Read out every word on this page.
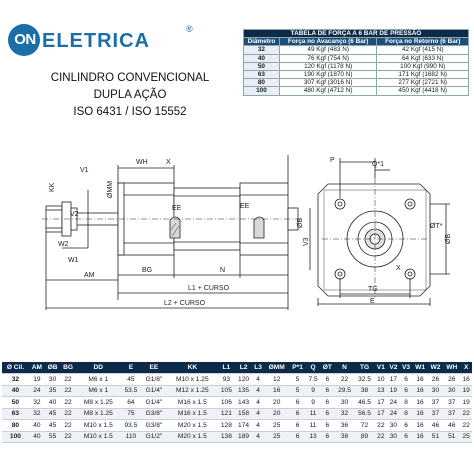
ON ELETRICA
®
CINLINDRO CONVENCIONAL
DUPLA AÇÃO
ISO 6431 / ISO 15552
TABELA DE FORÇA A 6 BAR DE PRESSÃO		
Diâmetro	Força no Avacanço (6 Bar)	Força no Retorno (6 Bar)
32	49 Kgf (483 N)	42 Kgf (415 N)
40	76 Kgf (754 N)	64 Kgf (633 N)
50	120 Kgf (1178 N)	100 Kgf (990 N)
63	190 Kgf (1870 N)	171 Kgf (1682 N)
80	307 Kgf (3016 N)	277 Kgf (2721 N)
100	480 Kgf (4712 N)	450 Kgf (4418 N)
WH	X
KK
V1
ØMM
EE	EE
V2
ØB
W2
W1
AM
BG	N
L1 + CURSO
L2 + CURSO
P
Q*1
V3
ØT*
X
ØB
TG
E
Ø Cil.	AM	ØB	BG	DD	E	EE	KK	L1	L2	L3	ØMM	P*1	Q	ØT	N	TG	V1	V2	V3	W1	W2	WH	X
32	19	30	22	M6 x 1	45	G1/8"	M10 x 1.25	93	120	4	12	5	7.5	6	22	32.5	10	17	6	16	26	26	16
40	24	35	22	M6 x 1	53.5	G1/4"	M12 x 1.25	105	135	4	16	5	9	6	29.5	38	13	19	6	16	30	30	19
50	32	40	22	M8 x 1.25	64	G1/4"	M16 x 1.5	106	143	4	20	6	9	6	30	46.5	17	24	8	16	37	37	19
63	32	45	22	M8 x 1.25	75	G3/8"	M16 x 1.5	121	158	4	20	6	11	6	32	56.5	17	24	8	16	37	37	22
80	40	45	22	M10 x 1.5	93.5	G3/8"	M20 x 1.5	128	174	4	25	6	11	6	36	72	22	30	6	16	46	46	22
100	40	55	22	M10 x 1.5	110	G1/2"	M20 x 1.5	138	189	4	25	6	13	6	38	89	22	30	6	16	51	51	25
